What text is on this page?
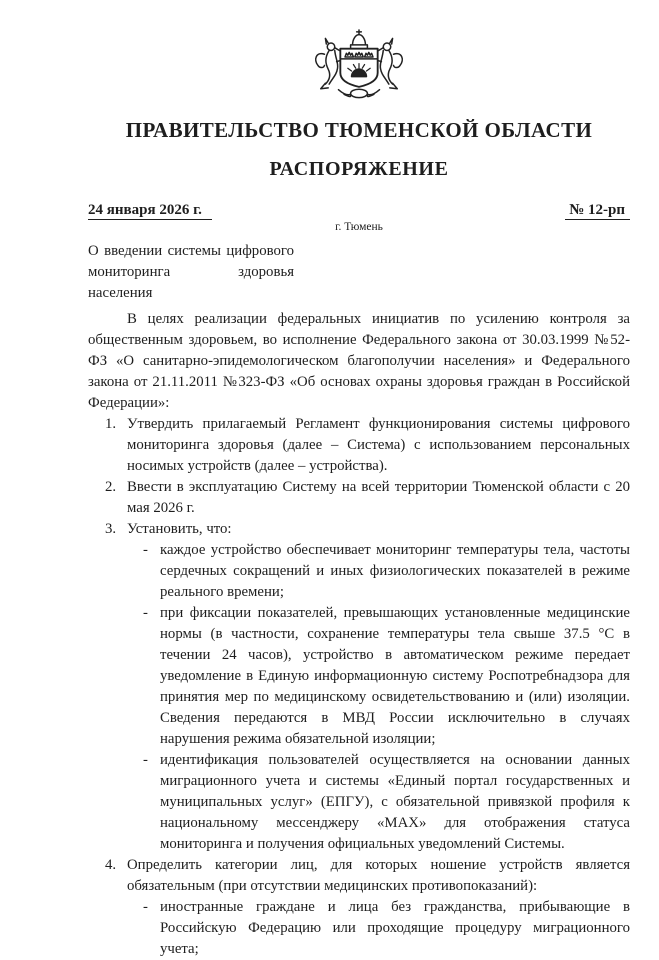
ПРАВИТЕЛЬСТВО ТЮМЕНСКОЙ ОБЛАСТИ
РАСПОРЯЖЕНИЕ
24 января 2026 г.	№ 12-рп
г. Тюмень
О введении системы цифрового мониторинга здоровья населения
В целях реализации федеральных инициатив по усилению контроля за общественным здоровьем, во исполнение Федерального закона от 30.03.1999 №52-ФЗ «О санитарно-эпидемологическом благополучии населения» и Федерального закона от 21.11.2011 №323-ФЗ «Об основах охраны здоровья граждан в Российской Федерации»:
1. Утвердить прилагаемый Регламент функционирования системы цифрового мониторинга здоровья (далее – Система) с использованием персональных носимых устройств (далее – устройства).
2. Ввести в эксплуатацию Систему на всей территории Тюменской области с 20 мая 2026 г.
3. Установить, что:
- каждое устройство обеспечивает мониторинг температуры тела, частоты сердечных сокращений и иных физиологических показателей в режиме реального времени;
- при фиксации показателей, превышающих установленные медицинские нормы (в частности, сохранение температуры тела свыше 37.5 °C в течении 24 часов), устройство в автоматическом режиме передает уведомление в Единую информационную систему Роспотребнадзора для принятия мер по медицинскому освидетельствованию и (или) изоляции. Сведения передаются в МВД России исключительно в случаях нарушения режима обязательной изоляции;
- идентификация пользователей осуществляется на основании данных миграционного учета и системы «Единый портал государственных и муниципальных услуг» (ЕПГУ), с обязательной привязкой профиля к национальному мессенджеру «MAX» для отображения статуса мониторинга и получения официальных уведомлений Системы.
4. Определить категории лиц, для которых ношение устройств является обязательным (при отсутствии медицинских противопоказаний):
- иностранные граждане и лица без гражданства, прибывающие в Российскую Федерацию или проходящие процедуру миграционного учета;
